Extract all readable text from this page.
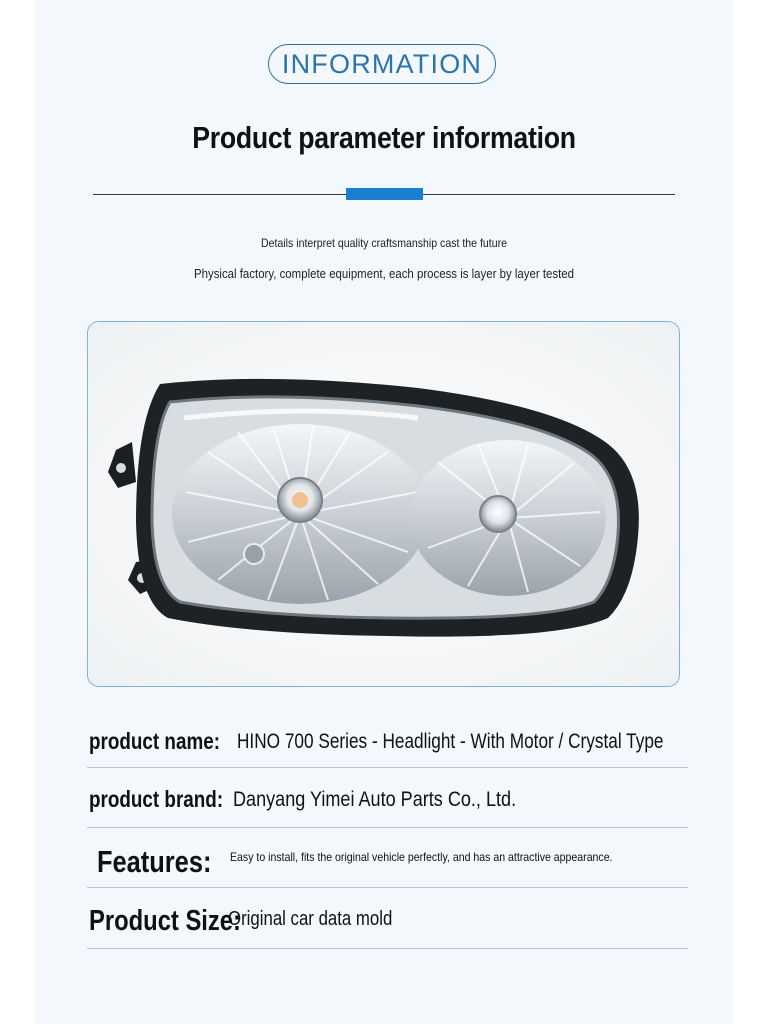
INFORMATION
Product parameter information
Details interpret quality craftsmanship cast the future
Physical factory, complete equipment, each process is layer by layer tested
product name: HINO 700 Series - Headlight - With Motor / Crystal Type
product brand: Danyang Yimei Auto Parts Co., Ltd.
Features: Easy to install, fits the original vehicle perfectly, and has an attractive appearance.
Product Size:
Original car data mold
